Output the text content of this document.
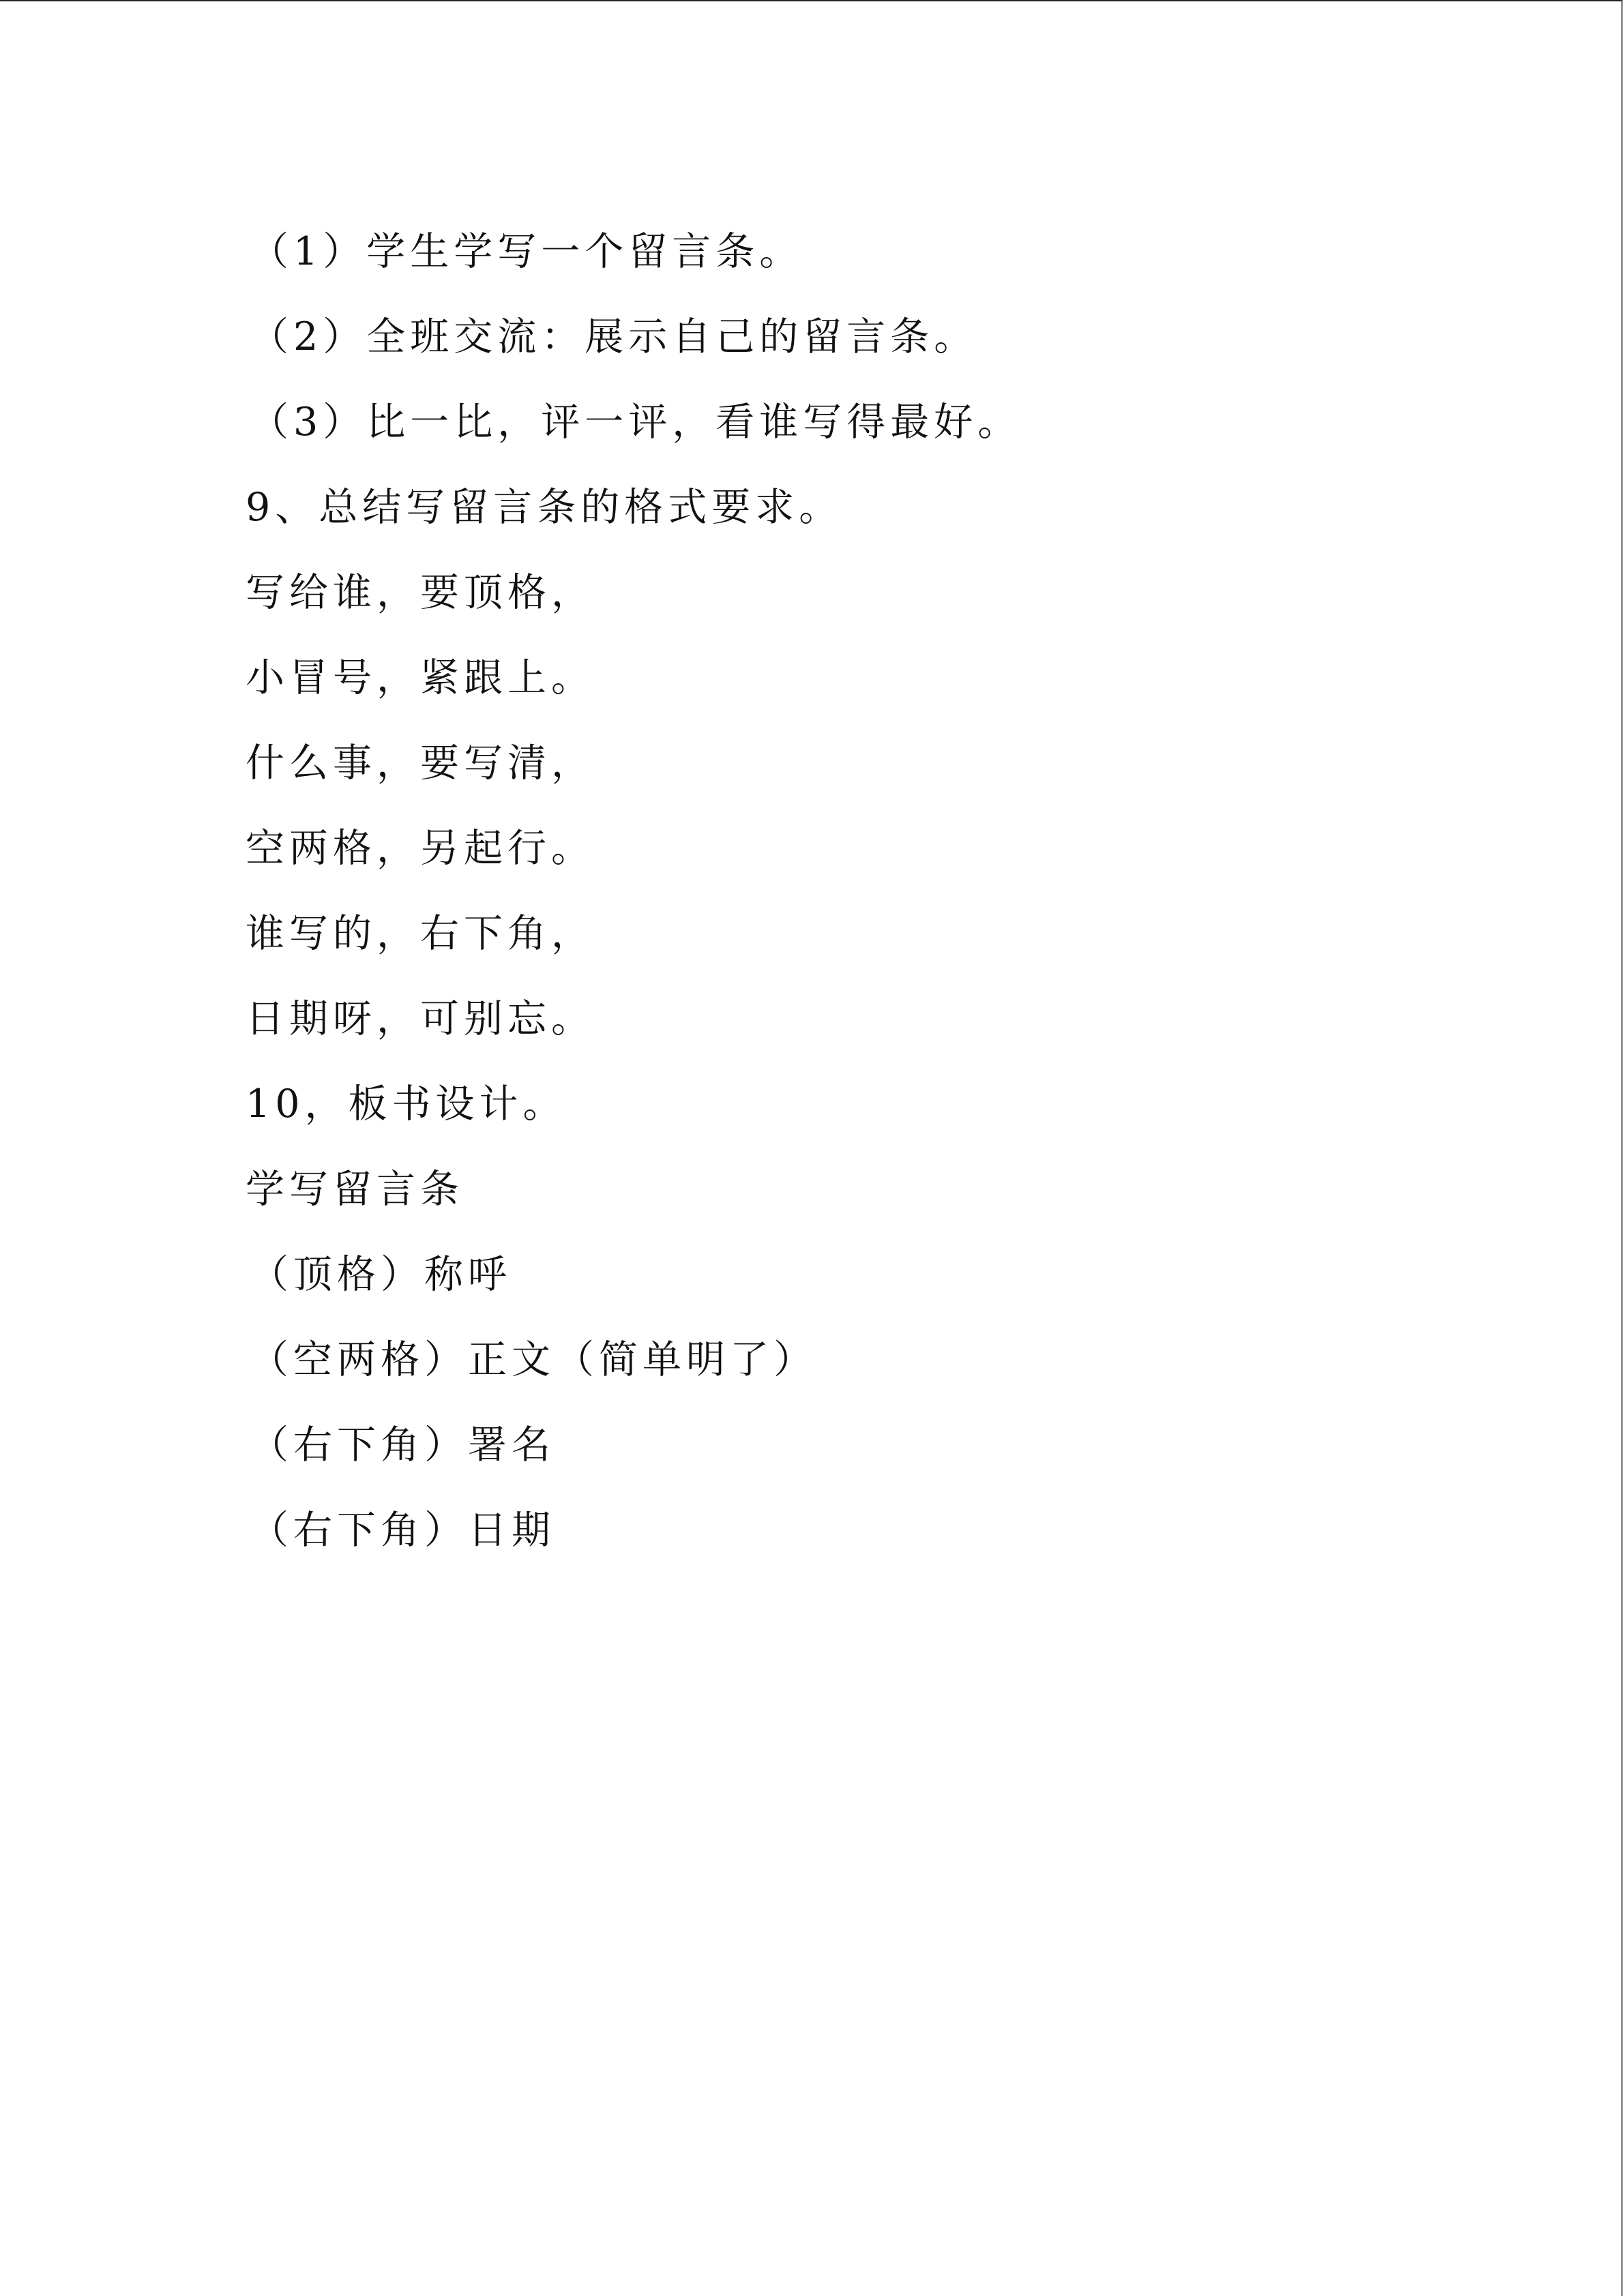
（1）学生学写一个留言条。
（2）全班交流：展示自己的留言条。
（3）比一比，评一评，看谁写得最好。
9、总结写留言条的格式要求。
写给谁，要顶格，
小冒号，紧跟上。
什么事，要写清，
空两格，另起行。
谁写的，右下角，
日期呀，可别忘。
10，板书设计。
学写留言条
（顶格）称呼
（空两格）正文（简单明了）
（右下角）署名
（右下角）日期
